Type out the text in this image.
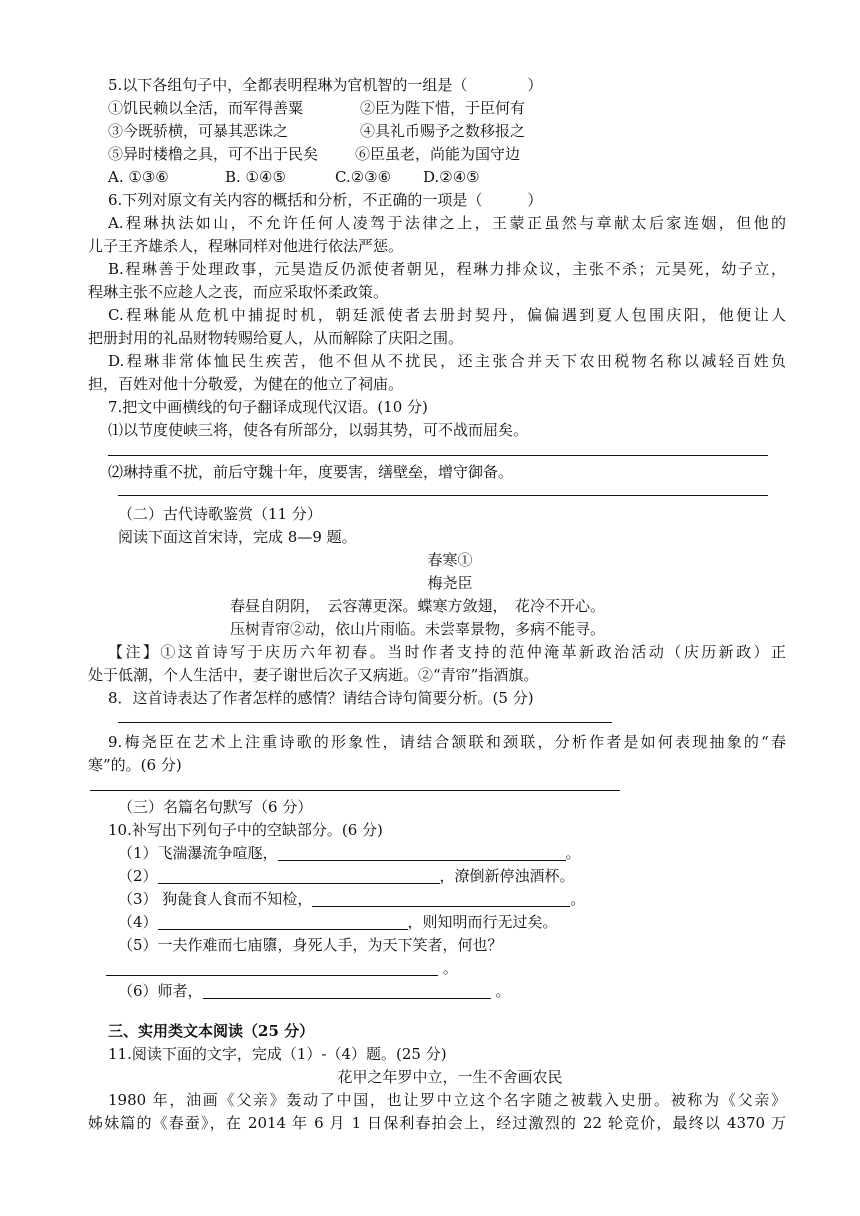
5.以下各组句子中，全都表明程琳为官机智的一组是（　　　　）
①饥民赖以全活，而军得善粟	②臣为陛下惜，于臣何有
③今既骄横，可暴其恶诛之	④具礼币赐予之数移报之
⑤异时楼橹之具，可不出于民矣 ⑥臣虽老，尚能为国守边
A. ①③⑥	B. ①④⑤	C.②③⑥ D.②④⑤
6.下列对原文有关内容的概括和分析，不正确的一项是（　　　）
A.程琳执法如山，不允许任何人凌驾于法律之上，王蒙正虽然与章献太后家连姻，但他的
儿子王齐雄杀人，程琳同样对他进行依法严惩。
B.程琳善于处理政事，元昊造反仍派使者朝见，程琳力排众议，主张不杀；元昊死，幼子立，
程琳主张不应趁人之丧，而应采取怀柔政策。
C.程琳能从危机中捕捉时机，朝廷派使者去册封契丹，偏偏遇到夏人包围庆阳，他便让人
把册封用的礼品财物转赐给夏人，从而解除了庆阳之围。
D.程琳非常体恤民生疾苦，他不但从不扰民，还主张合并天下农田税物名称以减轻百姓负
担，百姓对他十分敬爱，为健在的他立了祠庙。
7.把文中画横线的句子翻译成现代汉语。(10 分)
⑴以节度使峡三将，使各有所部分，以弱其势，可不战而屈矣。
⑵琳持重不扰，前后守魏十年，度要害，缮壁垒，增守御备。
（二）古代诗歌鉴赏（11 分）
阅读下面这首宋诗，完成 8—9 题。
春寒①
梅尧臣
春昼自阴阴，　云容薄更深。蝶寒方敛翅，　花冷不开心。
压树青帘②动，依山片雨临。未尝辜景物，多病不能寻。
【注】①这首诗写于庆历六年初春。当时作者支持的范仲淹革新政治活动（庆历新政）正
处于低潮，个人生活中，妻子谢世后次子又病逝。②“青帘”指酒旗。
8．这首诗表达了作者怎样的感情？请结合诗句简要分析。(5 分)
9.梅尧臣在艺术上注重诗歌的形象性，请结合颔联和颈联，分析作者是如何表现抽象的“春
寒”的。(6 分)
（三）名篇名句默写（6 分）
10.补写出下列句子中的空缺部分。(6 分)
（1）飞湍瀑流争喧豗，	。
（2）	，潦倒新停浊酒杯。
（3） 狗彘食人食而不知检，	。
（4）	，则知明而行无过矣。
（5）一夫作难而七庙隳，身死人手，为天下笑者，何也？
。
（6）师者，	。
三、实用类文本阅读（25 分）
11.阅读下面的文字，完成（1）-（4）题。(25 分)
花甲之年罗中立，一生不舍画农民
1980 年，油画《父亲》轰动了中国，也让罗中立这个名字随之被载入史册。被称为《父亲》
姊妹篇的《春蚕》，在 2014 年 6 月 1 日保利春拍会上，经过激烈的 22 轮竞价，最终以 4370 万
